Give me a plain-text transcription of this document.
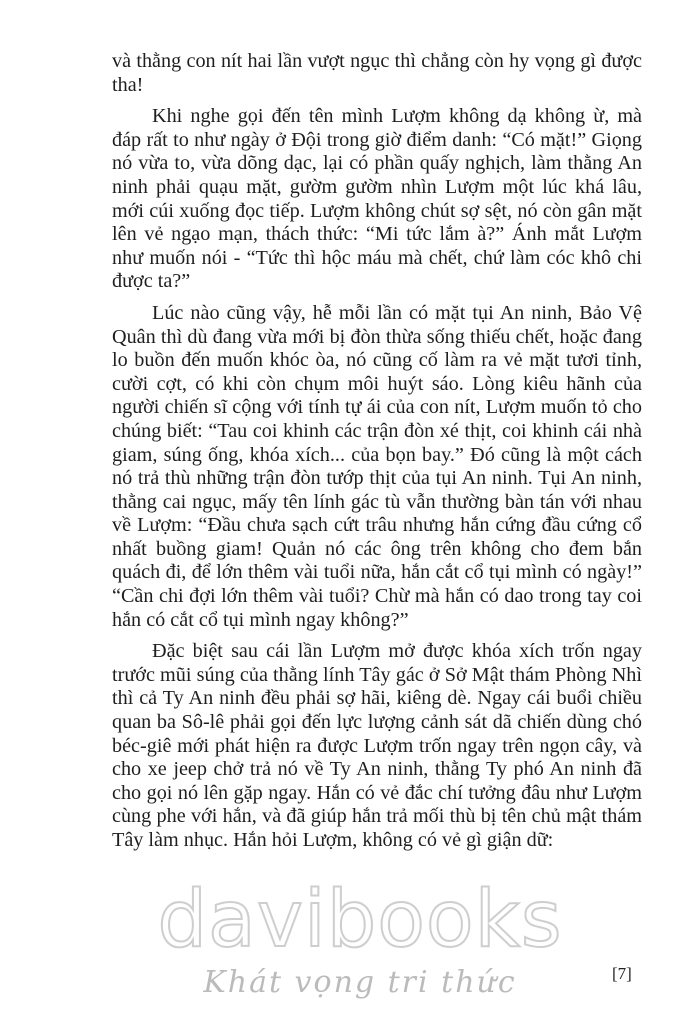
và thằng con nít hai lần vượt ngục thì chẳng còn hy vọng gì được tha!

Khi nghe gọi đến tên mình Lượm không dạ không ừ, mà đáp rất to như ngày ở Đội trong giờ điểm danh: “Có mặt!” Giọng nó vừa to, vừa dõng dạc, lại có phần quấy nghịch, làm thằng An ninh phải quạu mặt, gườm gườm nhìn Lượm một lúc khá lâu, mới cúi xuống đọc tiếp. Lượm không chút sợ sệt, nó còn gân mặt lên vẻ ngạo mạn, thách thức: “Mi tức lắm à?” Ánh mắt Lượm như muốn nói - “Tức thì hộc máu mà chết, chứ làm cóc khô chi được ta?”

Lúc nào cũng vậy, hễ mỗi lần có mặt tụi An ninh, Bảo Vệ Quân thì dù đang vừa mới bị đòn thừa sống thiếu chết, hoặc đang lo buồn đến muốn khóc òa, nó cũng cố làm ra vẻ mặt tươi tỉnh, cười cợt, có khi còn chụm môi huýt sáo. Lòng kiêu hãnh của người chiến sĩ cộng với tính tự ái của con nít, Lượm muốn tỏ cho chúng biết: “Tau coi khinh các trận đòn xé thịt, coi khinh cái nhà giam, súng ống, khóa xích... của bọn bay.” Đó cũng là một cách nó trả thù những trận đòn tướp thịt của tụi An ninh. Tụi An ninh, thằng cai ngục, mấy tên lính gác tù vẫn thường bàn tán với nhau về Lượm: “Đầu chưa sạch cứt trâu nhưng hắn cứng đầu cứng cổ nhất buồng giam! Quản nó các ông trên không cho đem bắn quách đi, để lớn thêm vài tuổi nữa, hắn cắt cổ tụi mình có ngày!” “Cần chi đợi lớn thêm vài tuổi? Chừ mà hắn có dao trong tay coi hắn có cắt cổ tụi mình ngay không?”

Đặc biệt sau cái lần Lượm mở được khóa xích trốn ngay trước mũi súng của thằng lính Tây gác ở Sở Mật thám Phòng Nhì thì cả Ty An ninh đều phải sợ hãi, kiêng dè. Ngay cái buổi chiều quan ba Sô-lê phải gọi đến lực lượng cảnh sát dã chiến dùng chó béc-giê mới phát hiện ra được Lượm trốn ngay trên ngọn cây, và cho xe jeep chở trả nó về Ty An ninh, thằng Ty phó An ninh đã cho gọi nó lên gặp ngay. Hắn có vẻ đắc chí tưởng đâu như Lượm cùng phe với hắn, và đã giúp hắn trả mối thù bị tên chủ mật thám Tây làm nhục. Hắn hỏi Lượm, không có vẻ gì giận dữ:

davibooks
Khát vọng tri thức	[7]
